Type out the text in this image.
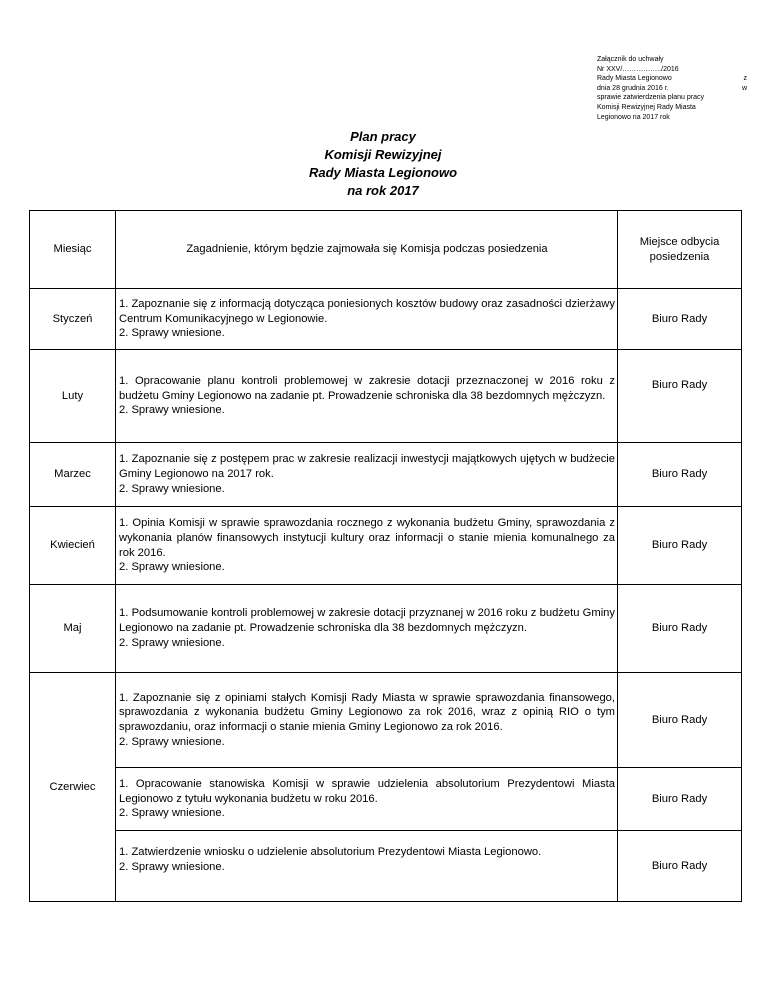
Załącznik do uchwały
Nr XXV/……………../2016
Rady Miasta Legionowo	z
dnia 28 grudnia 2016 r.	w
sprawie zatwierdzenia planu pracy
Komisji Rewizyjnej Rady Miasta
Legionowo na 2017 rok
Plan pracy
Komisji Rewizyjnej
Rady Miasta Legionowo
na rok 2017
Miesiąc	Zagadnienie, którym będzie zajmowała się Komisja podczas posiedzenia	Miejsce odbycia posiedzenia
Styczeń	1. Zapoznanie się z informacją dotycząca poniesionych kosztów budowy oraz zasadności dzierżawy Centrum Komunikacyjnego w Legionowie.
2. Sprawy wniesione.	Biuro Rady
Luty	1. Opracowanie planu kontroli problemowej w zakresie dotacji przeznaczonej w 2016 roku z budżetu Gminy Legionowo na zadanie pt. Prowadzenie schroniska dla 38 bezdomnych mężczyzn.
2. Sprawy wniesione.	Biuro Rady
Marzec	1. Zapoznanie się z postępem prac w zakresie realizacji inwestycji majątkowych ujętych w budżecie Gminy Legionowo na 2017 rok.
2. Sprawy wniesione.	Biuro Rady
Kwiecień	1. Opinia Komisji w sprawie sprawozdania rocznego z wykonania budżetu Gminy, sprawozdania z wykonania planów finansowych instytucji kultury oraz informacji o stanie mienia komunalnego za rok 2016.
2. Sprawy wniesione.	Biuro Rady
Maj	1. Podsumowanie kontroli problemowej w zakresie dotacji przyznanej w 2016 roku z budżetu Gminy Legionowo na zadanie pt. Prowadzenie schroniska dla 38 bezdomnych mężczyzn.
2. Sprawy wniesione.	Biuro Rady
Czerwiec	1. Zapoznanie się z opiniami stałych Komisji Rady Miasta w sprawie sprawozdania finansowego, sprawozdania z wykonania budżetu Gminy Legionowo za rok 2016, wraz z opinią RIO o tym sprawozdaniu, oraz informacji o stanie mienia Gminy Legionowo za rok 2016.
2. Sprawy wniesione.	Biuro Rady

	1. Opracowanie stanowiska Komisji w sprawie udzielenia absolutorium Prezydentowi Miasta Legionowo z tytułu wykonania budżetu w roku 2016.
2. Sprawy wniesione.	Biuro Rady

	1. Zatwierdzenie wniosku o udzielenie absolutorium Prezydentowi Miasta Legionowo.
2. Sprawy wniesione.	Biuro Rady
